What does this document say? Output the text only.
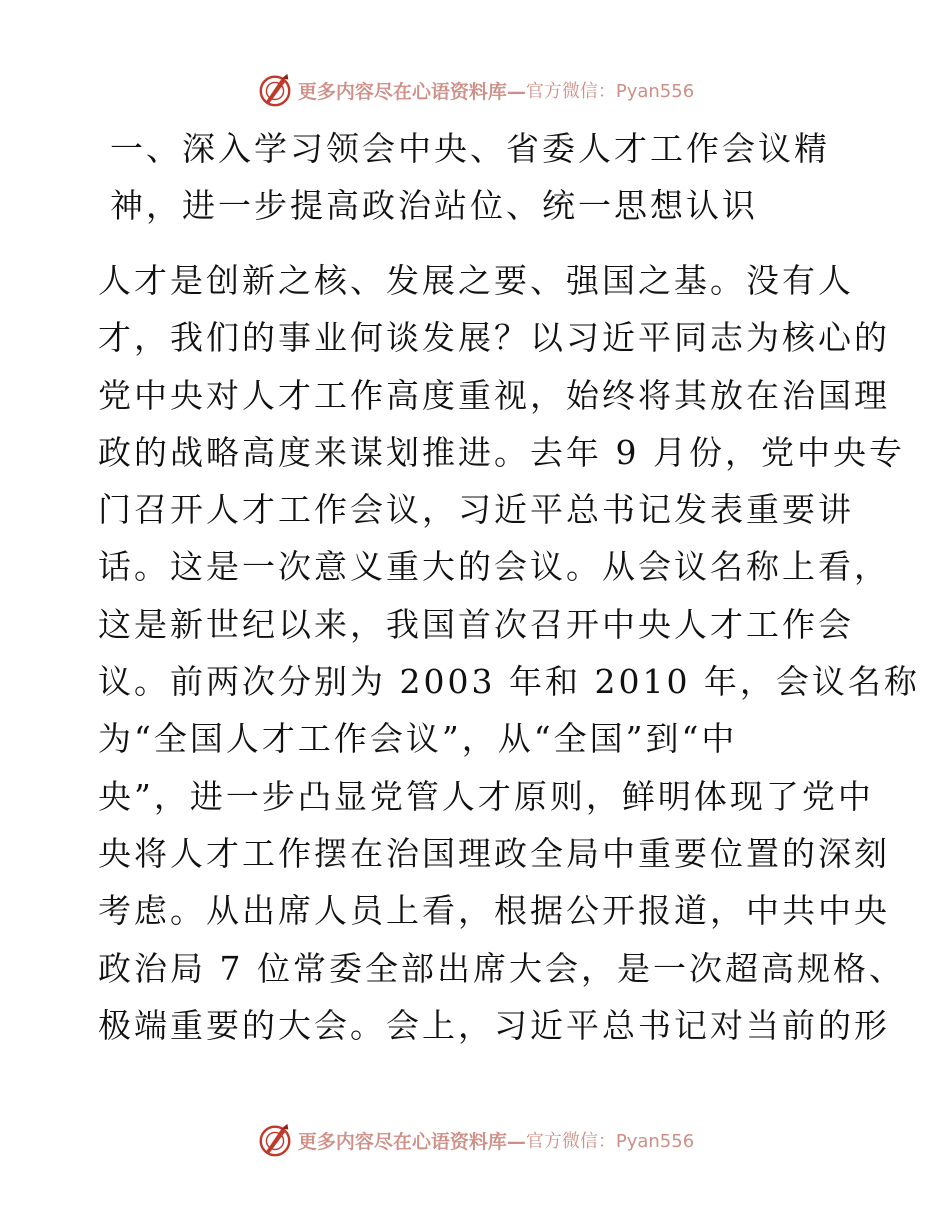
更多内容尽在心语资料库— 官方微信：Pyan556
一、深入学习领会中央、省委人才工作会议精
神，进一步提高政治站位、统一思想认识
人才是创新之核、发展之要、强国之基。没有人
才，我们的事业何谈发展？以习近平同志为核心的
党中央对人才工作高度重视，始终将其放在治国理
政的战略高度来谋划推进。去年 9 月份，党中央专
门召开人才工作会议，习近平总书记发表重要讲
话。这是一次意义重大的会议。从会议名称上看，
这是新世纪以来，我国首次召开中央人才工作会
议。前两次分别为 2003 年和 2010 年，会议名称
为“全国人才工作会议”，从“全国”到“中
央”，进一步凸显党管人才原则，鲜明体现了党中
央将人才工作摆在治国理政全局中重要位置的深刻
考虑。从出席人员上看，根据公开报道，中共中央
政治局 7 位常委全部出席大会，是一次超高规格、
极端重要的大会。会上，习近平总书记对当前的形
更多内容尽在心语资料库— 官方微信：Pyan556
